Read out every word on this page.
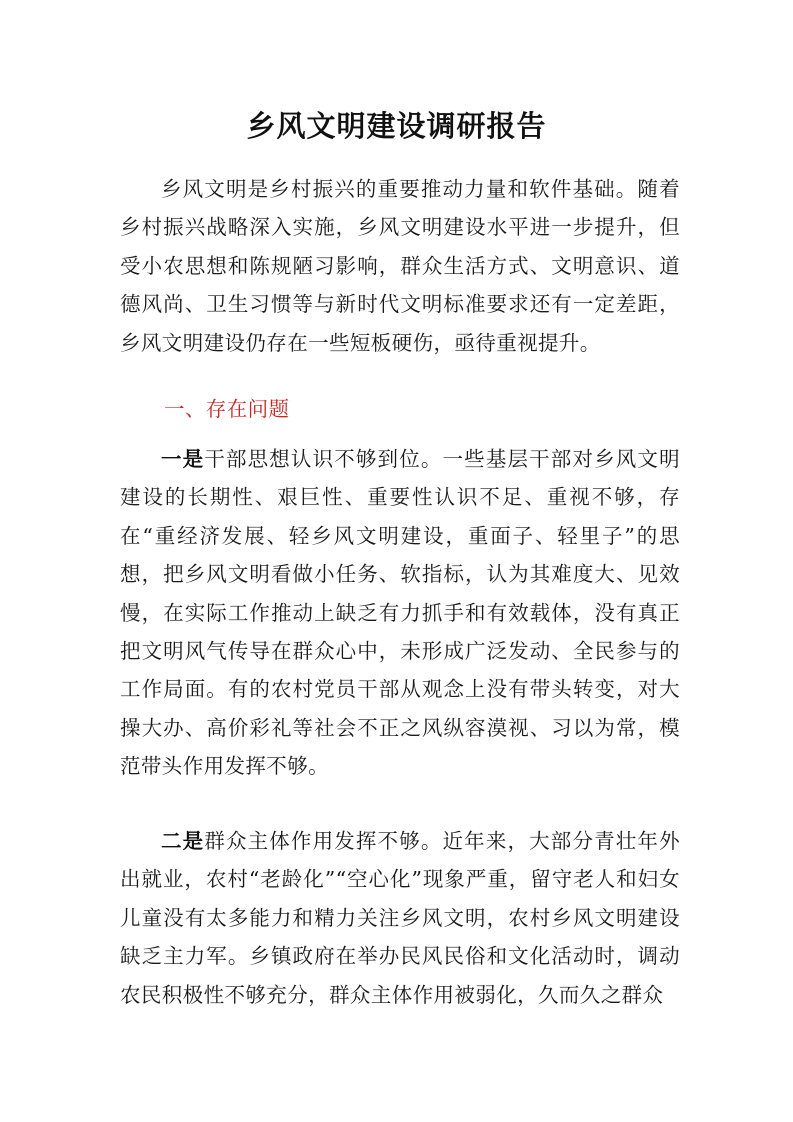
乡风文明建设调研报告

乡风文明是乡村振兴的重要推动力量和软件基础。随着乡村振兴战略深入实施，乡风文明建设水平进一步提升，但受小农思想和陈规陋习影响，群众生活方式、文明意识、道德风尚、卫生习惯等与新时代文明标准要求还有一定差距，乡风文明建设仍存在一些短板硬伤，亟待重视提升。

一、存在问题

一是干部思想认识不够到位。一些基层干部对乡风文明建设的长期性、艰巨性、重要性认识不足、重视不够，存在“重经济发展、轻乡风文明建设，重面子、轻里子”的思想，把乡风文明看做小任务、软指标，认为其难度大、见效慢，在实际工作推动上缺乏有力抓手和有效载体，没有真正把文明风气传导在群众心中，未形成广泛发动、全民参与的工作局面。有的农村党员干部从观念上没有带头转变，对大操大办、高价彩礼等社会不正之风纵容漠视、习以为常，模范带头作用发挥不够。

二是群众主体作用发挥不够。近年来，大部分青壮年外出就业，农村“老龄化”“空心化”现象严重，留守老人和妇女儿童没有太多能力和精力关注乡风文明，农村乡风文明建设缺乏主力军。乡镇政府在举办民风民俗和文化活动时，调动农民积极性不够充分，群众主体作用被弱化，久而久之群众
